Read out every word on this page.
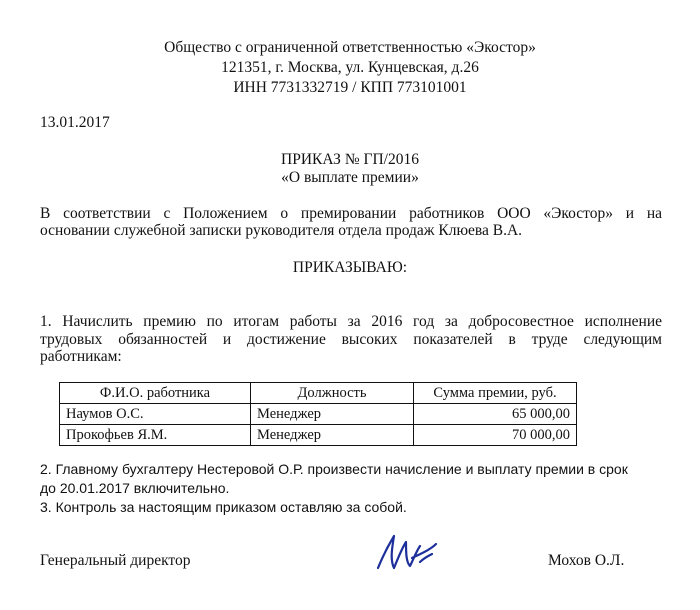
Общество с ограниченной ответственностью «Экостор»
121351, г. Москва, ул. Кунцевская, д.26
ИНН 7731332719 / КПП 773101001
13.01.2017
ПРИКАЗ № ГП/2016
«О выплате премии»
В соответствии с Положением о премировании работников ООО «Экостор» и на
основании служебной записки руководителя отдела продаж Клюева В.А.
ПРИКАЗЫВАЮ:
1. Начислить премию по итогам работы за 2016 год за добросовестное исполнение
трудовых обязанностей и достижение высоких показателей в труде следующим
работникам:
Ф.И.О. работника	Должность	Сумма премии, руб.
Наумов О.С.	Менеджер	65 000,00
Прокофьев Я.М.	Менеджер	70 000,00
2. Главному бухгалтеру Нестеровой О.Р. произвести начисление и выплату премии в срок
до 20.01.2017 включительно.
3. Контроль за настоящим приказом оставляю за собой.
Генеральный директор	Мохов О.Л.
